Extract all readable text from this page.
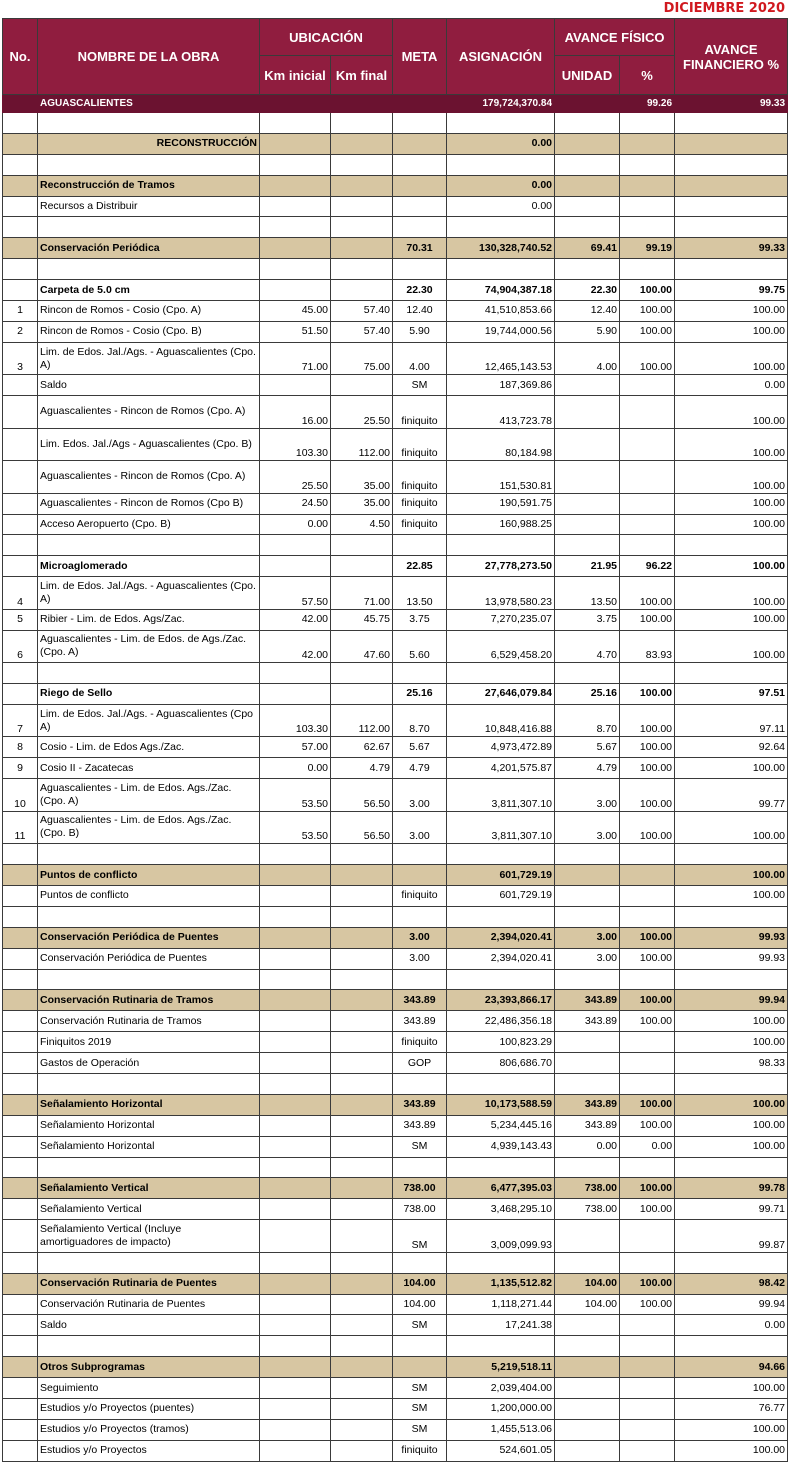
DICIEMBRE 2020
No.	NOMBRE DE LA OBRA	UBICACIÓN		META	ASIGNACIÓN	AVANCE FÍSICO		AVANCE FINANCIERO %
		Km inicial	Km final			UNIDAD	%	
	AGUASCALIENTES				179,724,370.84		99.26	99.33

	RECONSTRUCCIÓN				0.00			

	Reconstrucción de Tramos				0.00			
	Recursos a Distribuir				0.00			

	Conservación Periódica			70.31	130,328,740.52	69.41	99.19	99.33

	Carpeta de 5.0 cm			22.30	74,904,387.18	22.30	100.00	99.75
1	Rincon de Romos - Cosio (Cpo. A)	45.00	57.40	12.40	41,510,853.66	12.40	100.00	100.00
2	Rincon de Romos - Cosio (Cpo. B)	51.50	57.40	5.90	19,744,000.56	5.90	100.00	100.00
3	Lim. de Edos. Jal./Ags. - Aguascalientes (Cpo. A)	71.00	75.00	4.00	12,465,143.53	4.00	100.00	100.00
	Saldo			SM	187,369.86			0.00
	Aguascalientes - Rincon de Romos (Cpo. A)	16.00	25.50	finiquito	413,723.78			100.00
	Lim. Edos. Jal./Ags - Aguascalientes (Cpo. B)	103.30	112.00	finiquito	80,184.98			100.00
	Aguascalientes - Rincon de Romos (Cpo. A)	25.50	35.00	finiquito	151,530.81			100.00
	Aguascalientes - Rincon de Romos (Cpo B)	24.50	35.00	finiquito	190,591.75			100.00
	Acceso Aeropuerto (Cpo. B)	0.00	4.50	finiquito	160,988.25			100.00

	Microaglomerado			22.85	27,778,273.50	21.95	96.22	100.00
4	Lim. de Edos. Jal./Ags. - Aguascalientes (Cpo. A)	57.50	71.00	13.50	13,978,580.23	13.50	100.00	100.00
5	Ribier - Lim. de Edos. Ags/Zac.	42.00	45.75	3.75	7,270,235.07	3.75	100.00	100.00
6	Aguascalientes - Lim. de Edos. de Ags./Zac. (Cpo. A)	42.00	47.60	5.60	6,529,458.20	4.70	83.93	100.00

	Riego de Sello			25.16	27,646,079.84	25.16	100.00	97.51
7	Lim. de Edos. Jal./Ags. - Aguascalientes (Cpo A)	103.30	112.00	8.70	10,848,416.88	8.70	100.00	97.11
8	Cosio - Lim. de Edos Ags./Zac.	57.00	62.67	5.67	4,973,472.89	5.67	100.00	92.64
9	Cosio II - Zacatecas	0.00	4.79	4.79	4,201,575.87	4.79	100.00	100.00
10	Aguascalientes - Lim. de Edos. Ags./Zac. (Cpo. A)	53.50	56.50	3.00	3,811,307.10	3.00	100.00	99.77
11	Aguascalientes - Lim. de Edos. Ags./Zac. (Cpo. B)	53.50	56.50	3.00	3,811,307.10	3.00	100.00	100.00

	Puntos de conflicto				601,729.19			100.00
	Puntos de conflicto			finiquito	601,729.19			100.00

	Conservación Periódica de Puentes			3.00	2,394,020.41	3.00	100.00	99.93
	Conservación Periódica de Puentes			3.00	2,394,020.41	3.00	100.00	99.93

	Conservación Rutinaria de Tramos			343.89	23,393,866.17	343.89	100.00	99.94
	Conservación Rutinaria de Tramos			343.89	22,486,356.18	343.89	100.00	100.00
	Finiquitos 2019			finiquito	100,823.29			100.00
	Gastos de Operación			GOP	806,686.70			98.33

	Señalamiento Horizontal			343.89	10,173,588.59	343.89	100.00	100.00
	Señalamiento Horizontal			343.89	5,234,445.16	343.89	100.00	100.00
	Señalamiento Horizontal			SM	4,939,143.43	0.00	0.00	100.00

	Señalamiento Vertical			738.00	6,477,395.03	738.00	100.00	99.78
	Señalamiento Vertical			738.00	3,468,295.10	738.00	100.00	99.71
	Señalamiento Vertical (Incluye amortiguadores de impacto)			SM	3,009,099.93			99.87

	Conservación Rutinaria de Puentes			104.00	1,135,512.82	104.00	100.00	98.42
	Conservación Rutinaria de Puentes			104.00	1,118,271.44	104.00	100.00	99.94
	Saldo			SM	17,241.38			0.00

	Otros Subprogramas				5,219,518.11			94.66
	Seguimiento			SM	2,039,404.00			100.00
	Estudios y/o Proyectos (puentes)			SM	1,200,000.00			76.77
	Estudios y/o Proyectos (tramos)			SM	1,455,513.06			100.00
	Estudios y/o Proyectos			finiquito	524,601.05			100.00
